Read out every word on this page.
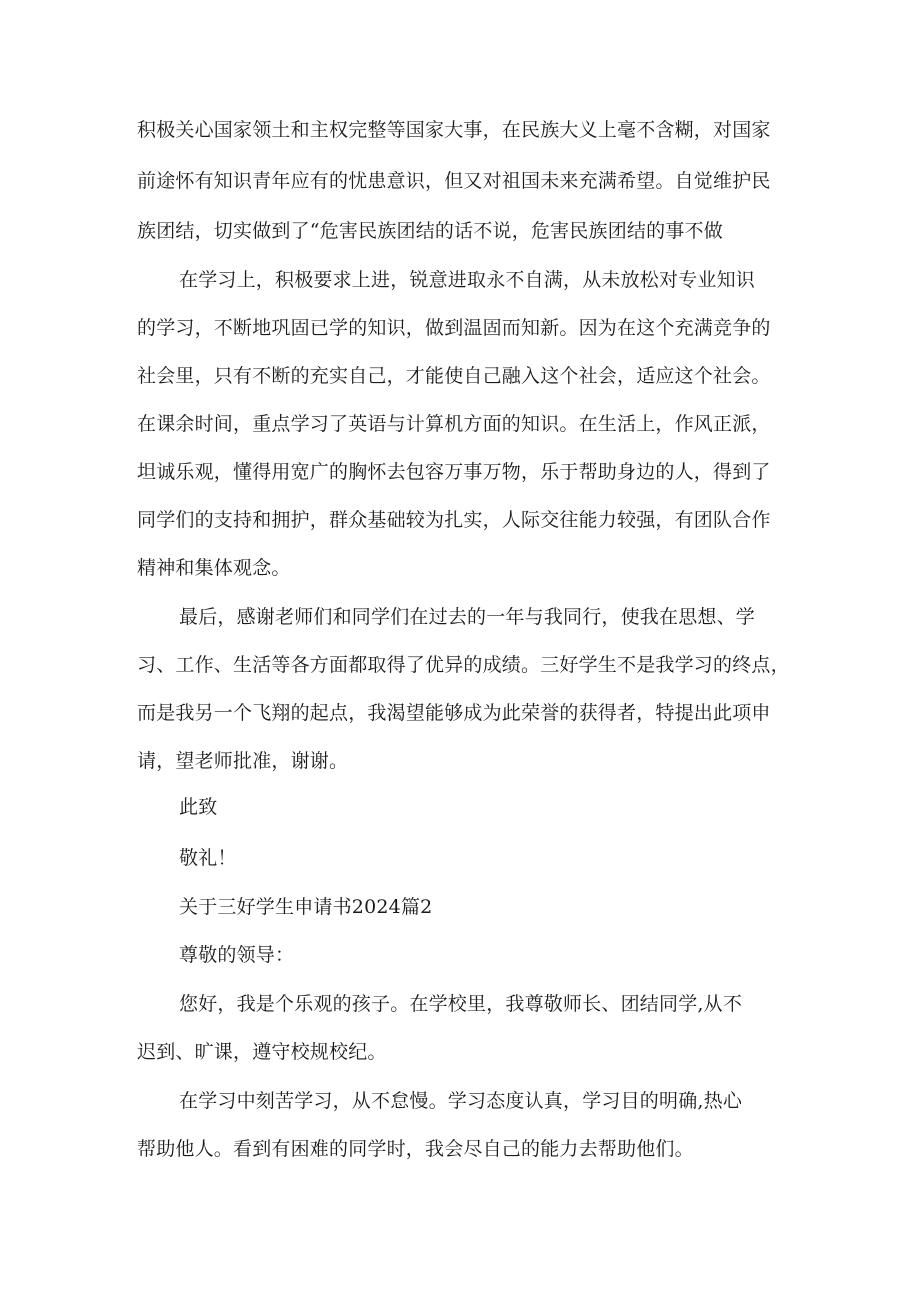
积极关心国家领土和主权完整等国家大事，在民族大义上毫不含糊，对国家
前途怀有知识青年应有的忧患意识，但又对祖国未来充满希望。自觉维护民
族团结，切实做到了“危害民族团结的话不说，危害民族团结的事不做
在学习上，积极要求上进，锐意进取永不自满，从未放松对专业知识
的学习，不断地巩固已学的知识，做到温固而知新。因为在这个充满竞争的
社会里，只有不断的充实自己，才能使自己融入这个社会，适应这个社会。
在课余时间，重点学习了英语与计算机方面的知识。在生活上，作风正派，
坦诚乐观，懂得用宽广的胸怀去包容万事万物，乐于帮助身边的人，得到了
同学们的支持和拥护，群众基础较为扎实，人际交往能力较强，有团队合作
精神和集体观念。
最后，感谢老师们和同学们在过去的一年与我同行，使我在思想、学
习、工作、生活等各方面都取得了优异的成绩。三好学生不是我学习的终点，
而是我另一个飞翔的起点，我渴望能够成为此荣誉的获得者，特提出此项申
请，望老师批准，谢谢。
此致
敬礼！
关于三好学生申请书2024篇2
尊敬的领导：
您好，我是个乐观的孩子。在学校里，我尊敬师长、团结同学,从不
迟到、旷课，遵守校规校纪。
在学习中刻苦学习，从不怠慢。学习态度认真，学习目的明确,热心
帮助他人。看到有困难的同学时，我会尽自己的能力去帮助他们。
